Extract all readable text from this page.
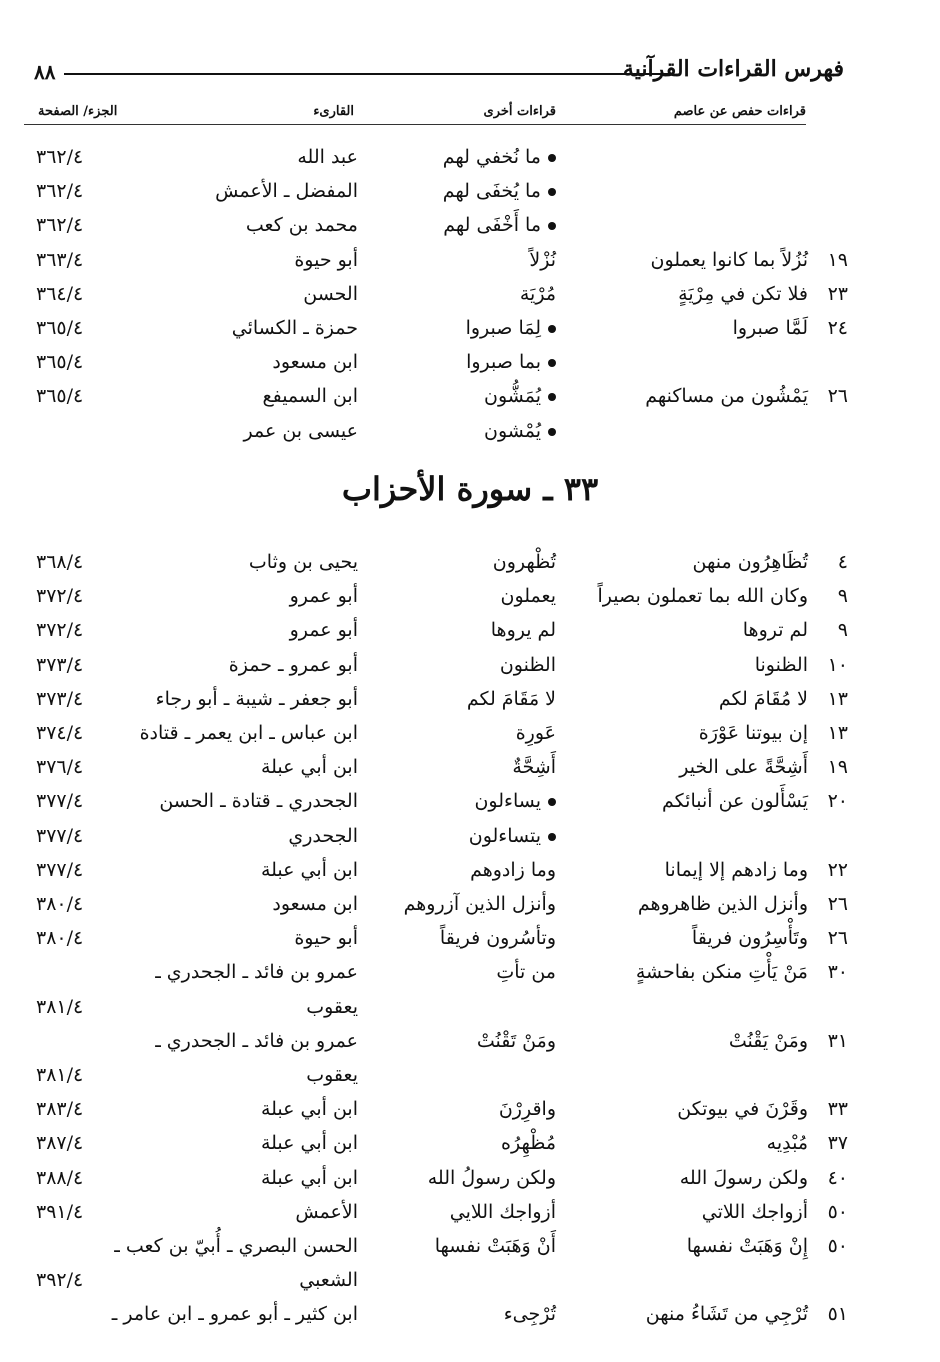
فهرس القراءات القرآنية
٨٨
قراءات حفص عن عاصم
قراءات أخرى
القارىء
الجزء/ الصفحة
ما نُخفي لهم
عبد الله
٣٦٢/٤
ما يُخفَى لهم
المفضل ـ الأعمش
٣٦٢/٤
ما أَخْفَى لهم
محمد بن كعب
٣٦٢/٤
١٩
نُزُلاً بما كانوا يعملون
نُزْلاً
أبو حيوة
٣٦٣/٤
٢٣
فلا تكن في مِرْيَةٍ
مُرْيَة
الحسن
٣٦٤/٤
٢٤
لَمَّا صبروا
لِمَا صبروا
حمزة ـ الكسائي
٣٦٥/٤
بما صبروا
ابن مسعود
٣٦٥/٤
٢٦
يَمْشُون من مساكنهم
يُمَشُّون
ابن السميفع
٣٦٥/٤
يُمْشون
عيسى بن عمر
٣٣ ـ سورة الأحزاب
٤
تُظَاهِرُون منهن
تُظْهرون
يحيى بن وثاب
٣٦٨/٤
٩
وكان الله بما تعملون بصيراً
يعملون
أبو عمرو
٣٧٢/٤
٩
لم تروها
لم يروها
أبو عمرو
٣٧٢/٤
١٠
الظنونا
الظنون
أبو عمرو ـ حمزة
٣٧٣/٤
١٣
لا مُقَامَ لكم
لا مَقَامَ لكم
أبو جعفر ـ شيبة ـ أبو رجاء
٣٧٣/٤
١٣
إن بيوتنا عَوْرَة
عَورِة
ابن عباس ـ ابن يعمر ـ قتادة
٣٧٤/٤
١٩
أَشِحَّةً على الخير
أَشِحَّةٌ
ابن أبي عبلة
٣٧٦/٤
٢٠
يَسْأَلون عن أنبائكم
يساءلون
الجحدري ـ قتادة ـ الحسن
٣٧٧/٤
يتساءلون
الجحدري
٣٧٧/٤
٢٢
وما زادهم إلا إيمانا
وما زادوهم
ابن أبي عبلة
٣٧٧/٤
٢٦
وأنزل الذين ظاهروهم
وأنزل الذين آزروهم
ابن مسعود
٣٨٠/٤
٢٦
وتَأْسِرُون فريقاً
وتأسُرون فريقاً
أبو حيوة
٣٨٠/٤
٣٠
مَنْ يَأْتِ منكن بفاحشةٍ
من تأتِ
عمرو بن فائد ـ الجحدري ـ
يعقوب
٣٨١/٤
٣١
ومَنْ يَقْنُتْ
ومَنْ تَقْنُتْ
عمرو بن فائد ـ الجحدري ـ
يعقوب
٣٨١/٤
٣٣
وقَرْنَ في بيوتكن
واقرِرْنَ
ابن أبي عبلة
٣٨٣/٤
٣٧
مُبْدِيه
مُظْهِرُه
ابن أبي عبلة
٣٨٧/٤
٤٠
ولكن رسولَ الله
ولكن رسولُ الله
ابن أبي عبلة
٣٨٨/٤
٥٠
أزواجك اللاتي
أزواجك اللايي
الأعمش
٣٩١/٤
٥٠
إِنْ وَهَبَتْ نفسها
أَنْ وَهَبَتْ نفسها
الحسن البصري ـ أُبيّ بن كعب ـ
الشعبي
٣٩٢/٤
٥١
تُرْجِي من تَشَاءُ منهن
تُرْجِىء
ابن كثير ـ أبو عمرو ـ ابن عامر ـ
